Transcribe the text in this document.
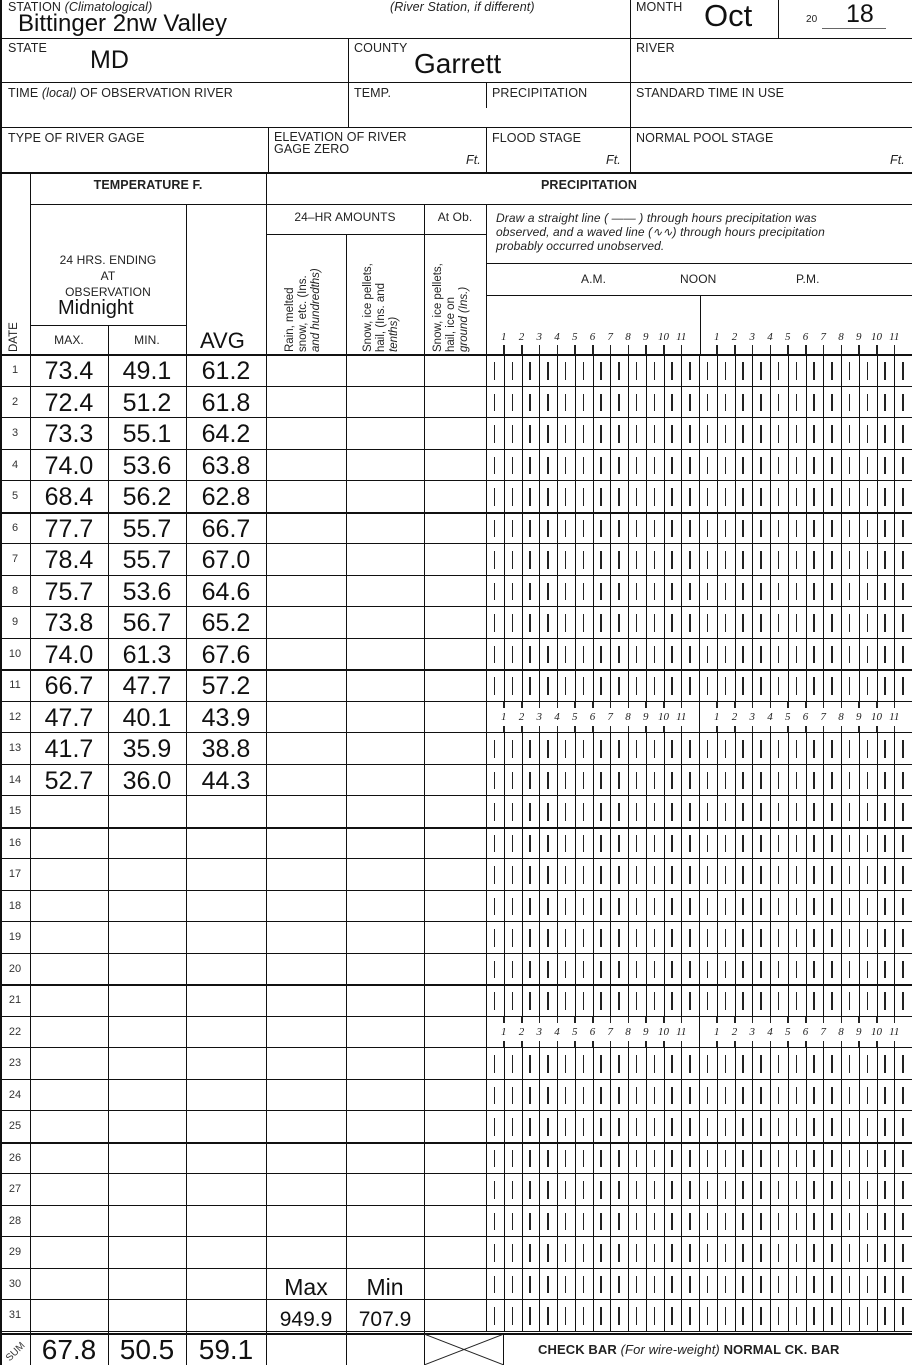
STATION (Climatological)
Bittinger 2nw Valley
(River Station, if different)	MONTH Oct	20 18
STATE MD	COUNTY Garrett	RIVER
TIME (local) OF OBSERVATION RIVER	TEMP.	PRECIPITATION	STANDARD TIME IN USE
TYPE OF RIVER GAGE	ELEVATION OF RIVER
GAGE ZERO
Ft.
FLOOD STAGE
Ft.
NORMAL POOL STAGE
Ft.
TEMPERATURE F.	PRECIPITATION
24 HRS. ENDING
AT
OBSERVATION
Midnight
MAX.	MIN.	AVG
DATE
24–HR AMOUNTS	At Ob.
Rain, melted snow, etc. (Ins. and hundredths)	Snow, ice pellets, hail, (Ins. and tenths)	Snow, ice pellets, hail, ice on ground (Ins.)
Draw a straight line ( —— ) through hours precipitation was
observed, and a waved line (∿∿) through hours precipitation
probably occurred unobserved.
A.M.	NOON	P.M.
1	2	3	4	5	6	7	8	9 10 11	1	2	3	4	5	6	7	8	9 10 11
1	73.4	49.1	61.2
2	72.4	51.2	61.8
3	73.3	55.1	64.2
4	74.0	53.6	63.8
5	68.4	56.2	62.8
6	77.7	55.7	66.7
7	78.4	55.7	67.0
8	75.7	53.6	64.6
9	73.8	56.7	65.2
10 74.0	61.3	67.6
11 66.7	47.7	57.2
12 47.7	40.1	43.9	1	2	3	4	5	6	7	8	9 10 11	1	2	3	4	5	6	7	8	9 10 11
13 41.7	35.9	38.8
14 52.7	36.0	44.3
15
16
17
18
19
20
21
22	1	2	3	4	5	6	7	8	9 10 11	1	2	3	4	5	6	7	8	9 10 11
23
24
25
26
27
28
29
30
31
Max	Min
949.9	707.9
SUM 67.8 50.5 59.1	CHECK BAR (For wire-weight) NORMAL CK. BAR
